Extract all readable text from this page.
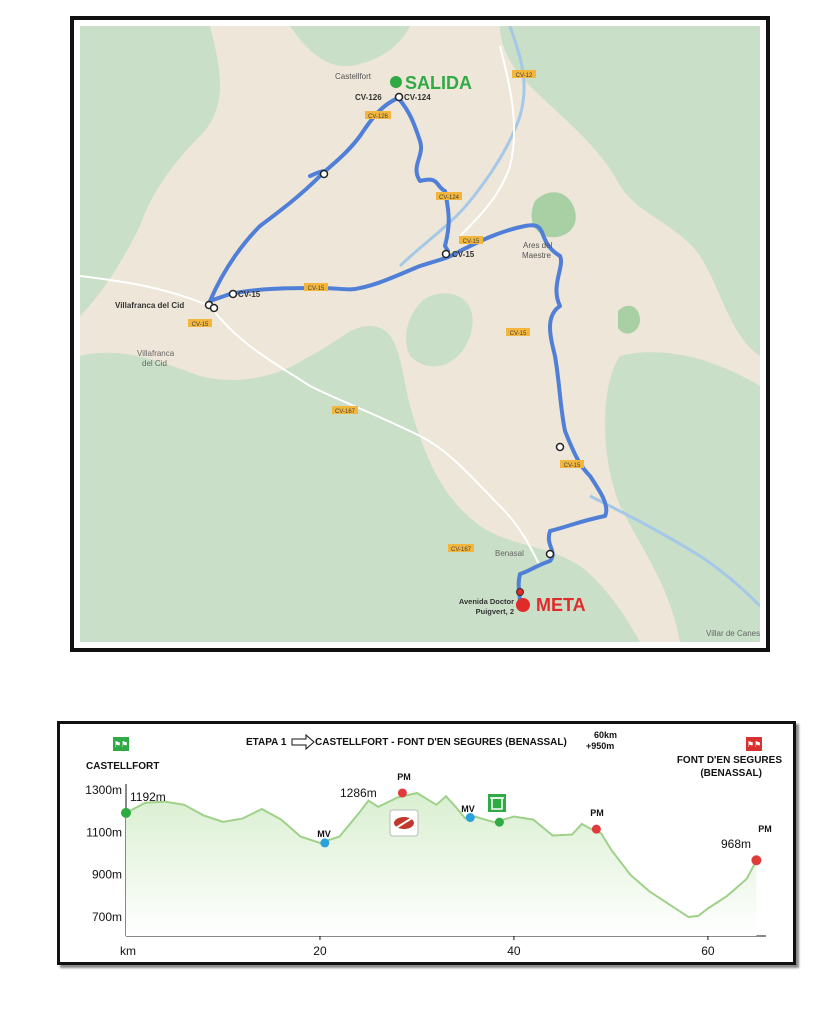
CV-12
CV-126
CV-124
CV-15
CV-15
CV-15
CV-15
CV-15
CV-167
CV-167
Castellfort
Ares del
Maestre
Villafranca del Cid
Villafranca
del Cid
Benasal
Villar de Canes
CV-126	CV-124
CV-15
CV-15
SALIDA
META
Avenida Doctor
Puigvert, 2
⚑⚑
CASTELLFORT
ETAPA 1	CASTELLFORT - FONT D'EN SEGURES (BENASSAL)
60km
+950m	⚑⚑
FONT D'EN SEGURES
(BENASSAL)
1300m
1100m
900m
700m
20	40	60
km
1192m	1286m
968m
PM
MV
MV	PM
PM
